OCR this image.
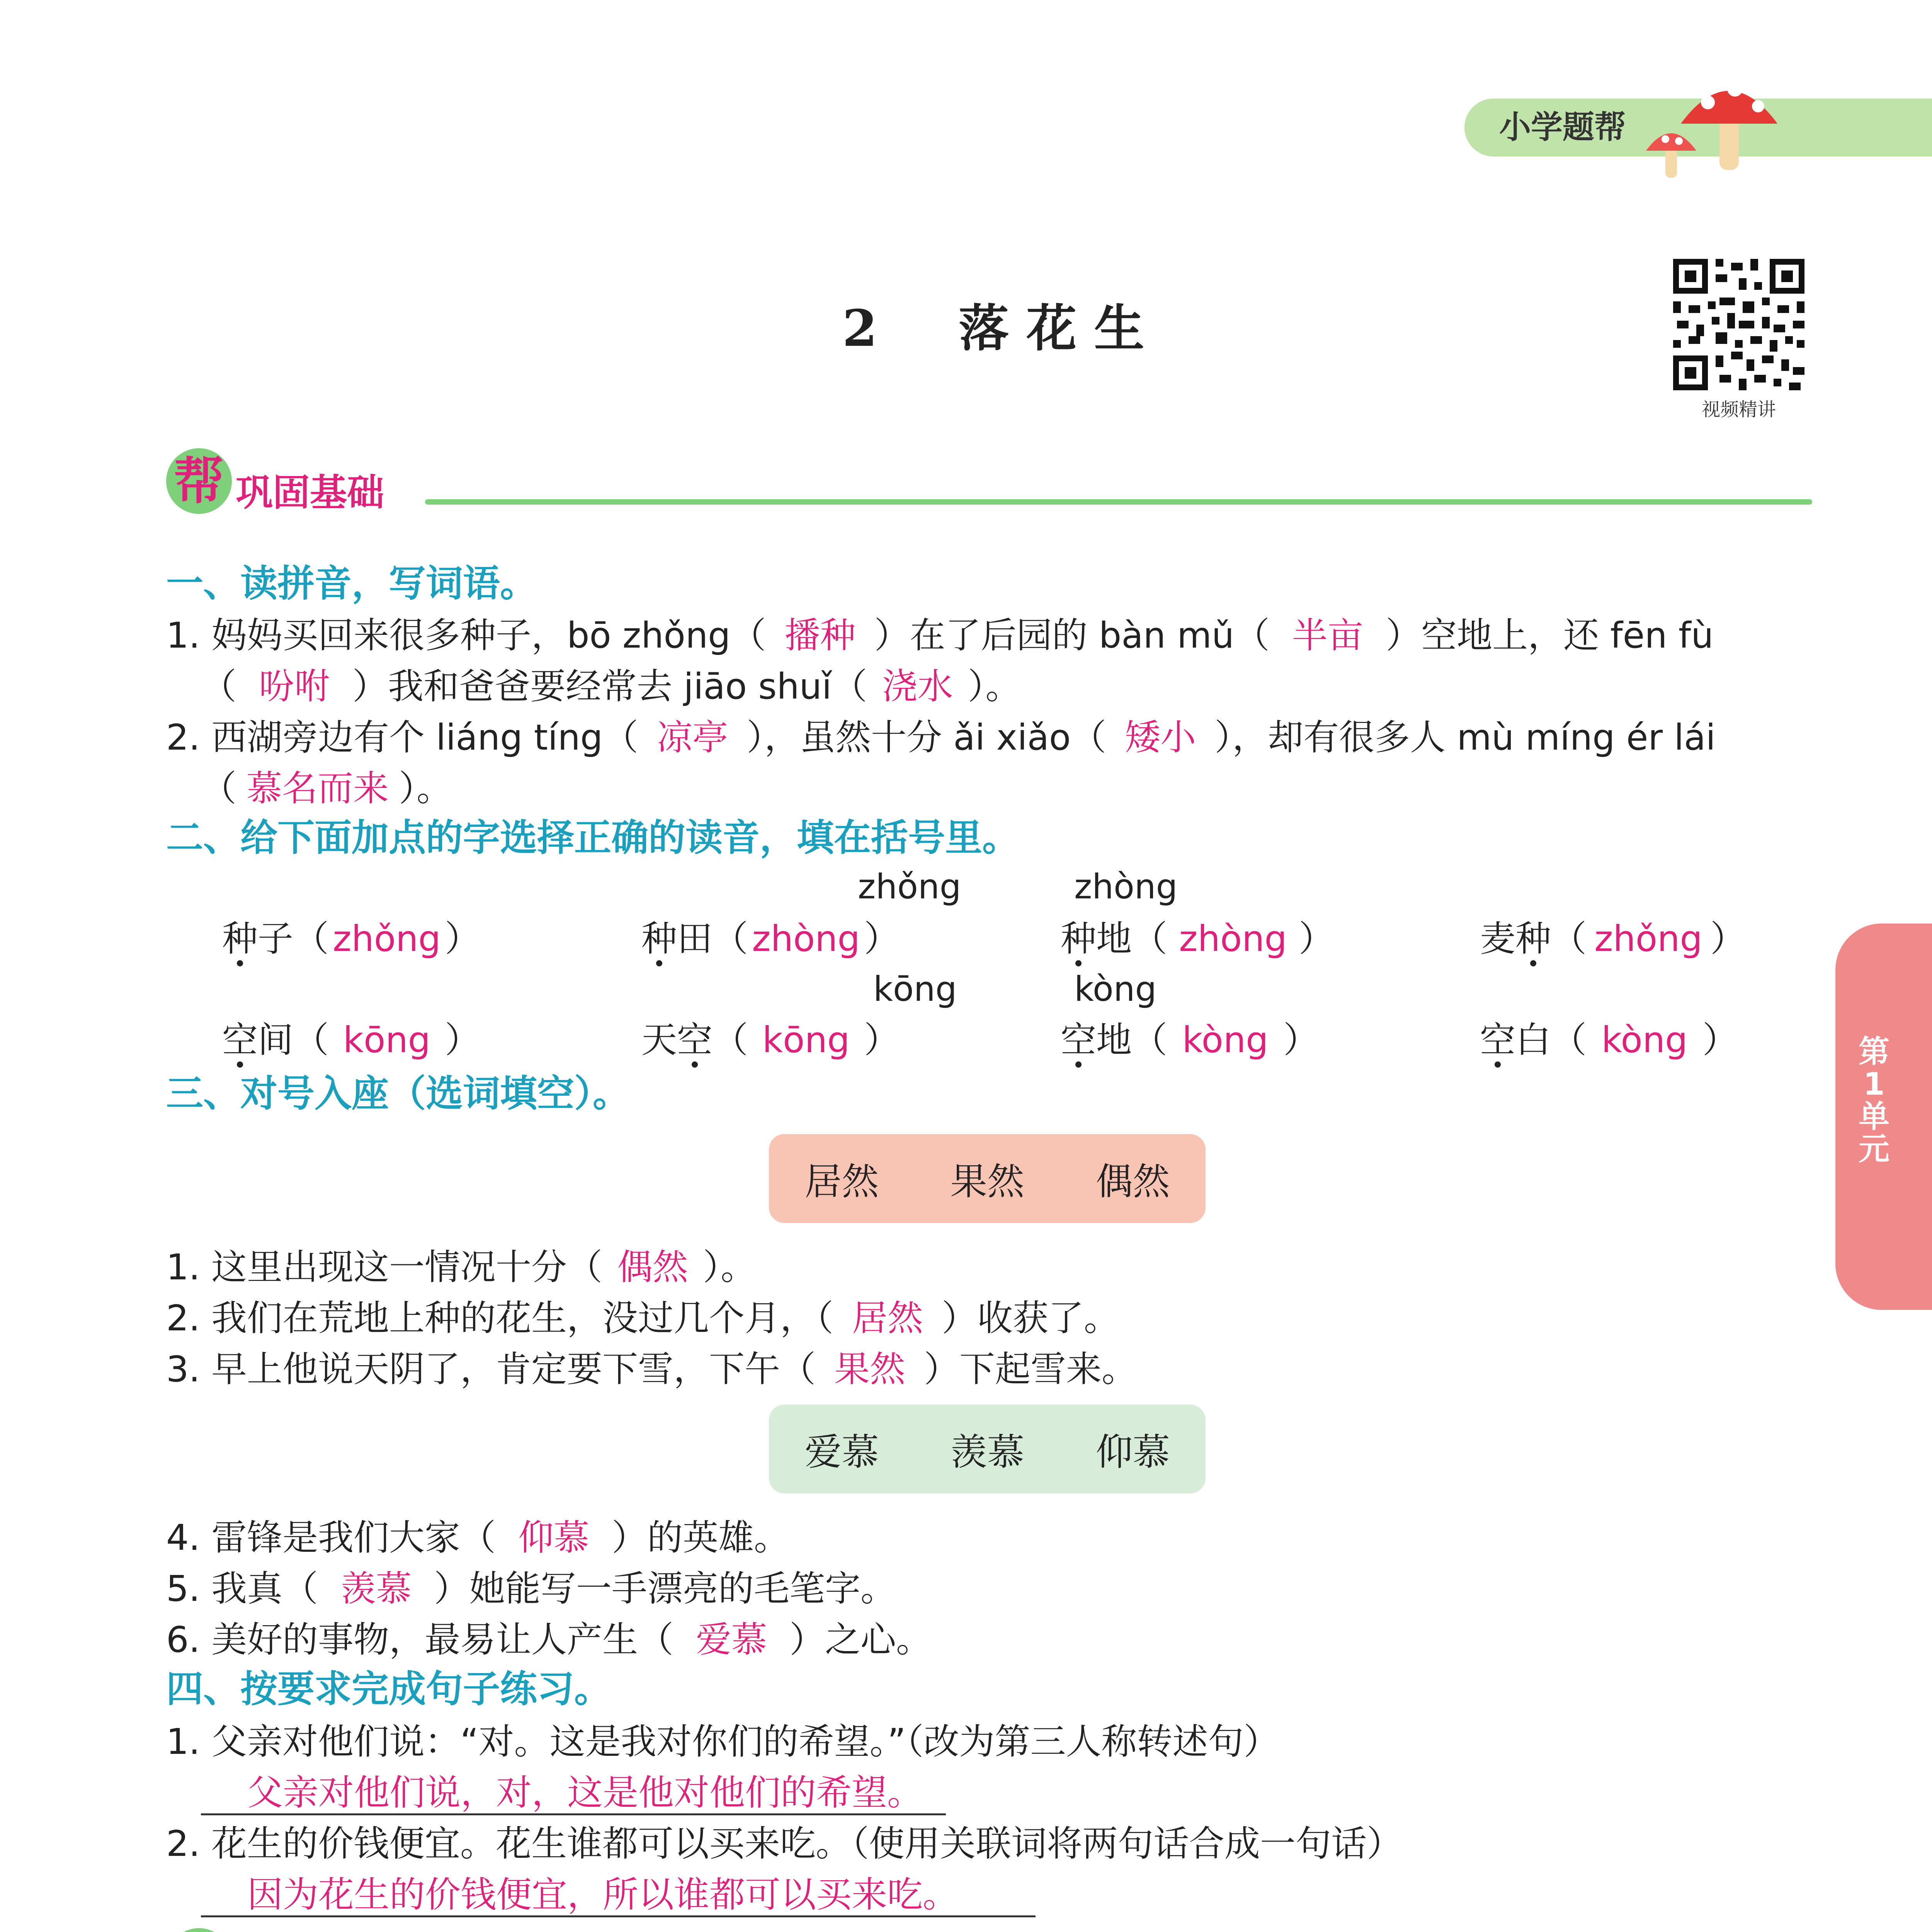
小学题帮
2 落 花 生
视频精讲
第
1
单
元
帮 巩固基础
一、读拼音，写词语。
1. 妈妈买回来很多种子，bō zhǒng（ 播种 ）在了后园的 bàn mǔ（ 半亩 ）空地上，还 fēn fù
（ 吩咐 ）我和爸爸要经常去 jiāo shuǐ（ 浇水 ）。
2. 西湖旁边有个 liáng tíng（ 凉亭 ），虽然十分 ǎi xiǎo（ 矮小 ），却有很多人 mù míng ér lái
（ 慕名而来 ）。
二、给下面加点的字选择正确的读音，填在括号里。
zhǒng	zhòng
kōng	kòng
种子（ zhǒng ）	种田（ zhòng ）	种地（ zhòng ）	麦种（ zhǒng ）
空间（ kōng ）	天空（ kōng ）	空地（ kòng ）	空白（ kòng ）
三、对号入座（选词填空）。
居然 果然 偶然
1. 这里出现这一情况十分（ 偶然 ）。
2. 我们在荒地上种的花生，没过几个月，（ 居然 ）收获了。
3. 早上他说天阴了，肯定要下雪，下午（ 果然 ）下起雪来。
爱慕 羡慕 仰慕
4. 雷锋是我们大家（ 仰慕 ）的英雄。
5. 我真（ 羡慕 ）她能写一手漂亮的毛笔字。
6. 美好的事物，最易让人产生（ 爱慕 ）之心。
四、按要求完成句子练习。
1. 父亲对他们说：“对。这是我对你们的希望。”（改为第三人称转述句）
父亲对他们说，对，这是他对他们的希望。
2. 花生的价钱便宜。花生谁都可以买来吃。（使用关联词将两句话合成一句话）
因为花生的价钱便宜，所以谁都可以买来吃。
